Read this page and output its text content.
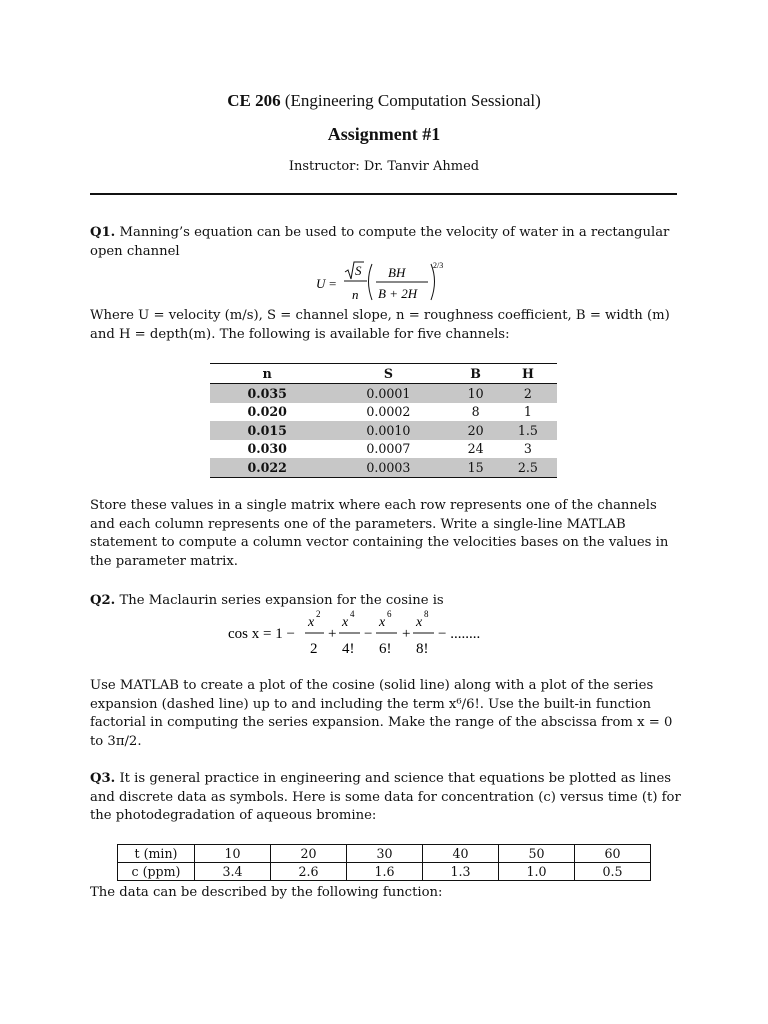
CE 206 (Engineering Computation Sessional)
Assignment #1
Instructor: Dr. Tanvir Ahmed

Q1. Manning’s equation can be used to compute the velocity of water in a rectangular open channel

U =
S
n
BH
B + 2H
2/3

Where U = velocity (m/s), S = channel slope, n = roughness coefficient, B = width (m) and H = depth(m). The following is available for five channels:

n	S	B	H
0.035	0.0001	10	2
0.020	0.0002	8	1
0.015	0.0010	20	1.5
0.030	0.0007	24	3
0.022	0.0003	15	2.5

Store these values in a single matrix where each row represents one of the channels and each column represents one of the parameters. Write a single-line MATLAB statement to compute a column vector containing the velocities bases on the values in the parameter matrix.

Q2. The Maclaurin series expansion for the cosine is

cos x = 1 −
x
2
2
+
x
4
4!
−
x
6
6!
+
x
8
8!
− ........

Use MATLAB to create a plot of the cosine (solid line) along with a plot of the series expansion (dashed line) up to and including the term x⁶/6!. Use the built-in function factorial in computing the series expansion. Make the range of the abscissa from x = 0 to 3π/2.

Q3. It is general practice in engineering and science that equations be plotted as lines and discrete data as symbols. Here is some data for concentration (c) versus time (t) for the photodegradation of aqueous bromine:

t (min)	10	20	30	40	50	60
c (ppm)	3.4	2.6	1.6	1.3	1.0	0.5

The data can be described by the following function:
